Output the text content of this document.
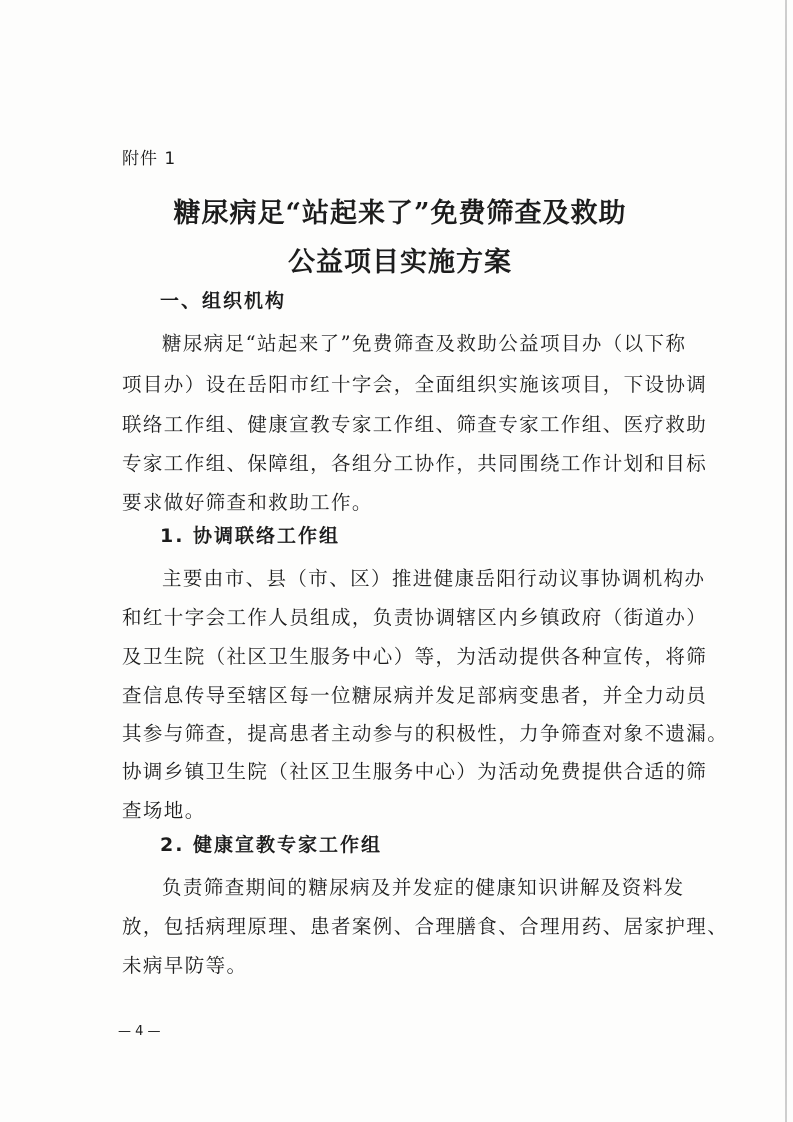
附件 1

糖尿病足“站起来了”免费筛查及救助
公益项目实施方案
一、组织机构

糖尿病足“站起来了”免费筛查及救助公益项目办（以下称

项目办）设在岳阳市红十字会，全面组织实施该项目，下设协调

联络工作组、健康宣教专家工作组、筛查专家工作组、医疗救助

专家工作组、保障组，各组分工协作，共同围绕工作计划和目标

要求做好筛查和救助工作。

1. 协调联络工作组

主要由市、县（市、区）推进健康岳阳行动议事协调机构办

和红十字会工作人员组成，负责协调辖区内乡镇政府（街道办）

及卫生院（社区卫生服务中心）等，为活动提供各种宣传，将筛

查信息传导至辖区每一位糖尿病并发足部病变患者，并全力动员

其参与筛查，提高患者主动参与的积极性，力争筛查对象不遗漏。

协调乡镇卫生院（社区卫生服务中心）为活动免费提供合适的筛

查场地。

2. 健康宣教专家工作组

负责筛查期间的糖尿病及并发症的健康知识讲解及资料发

放，包括病理原理、患者案例、合理膳食、合理用药、居家护理、

未病早防等。

— 4 —
